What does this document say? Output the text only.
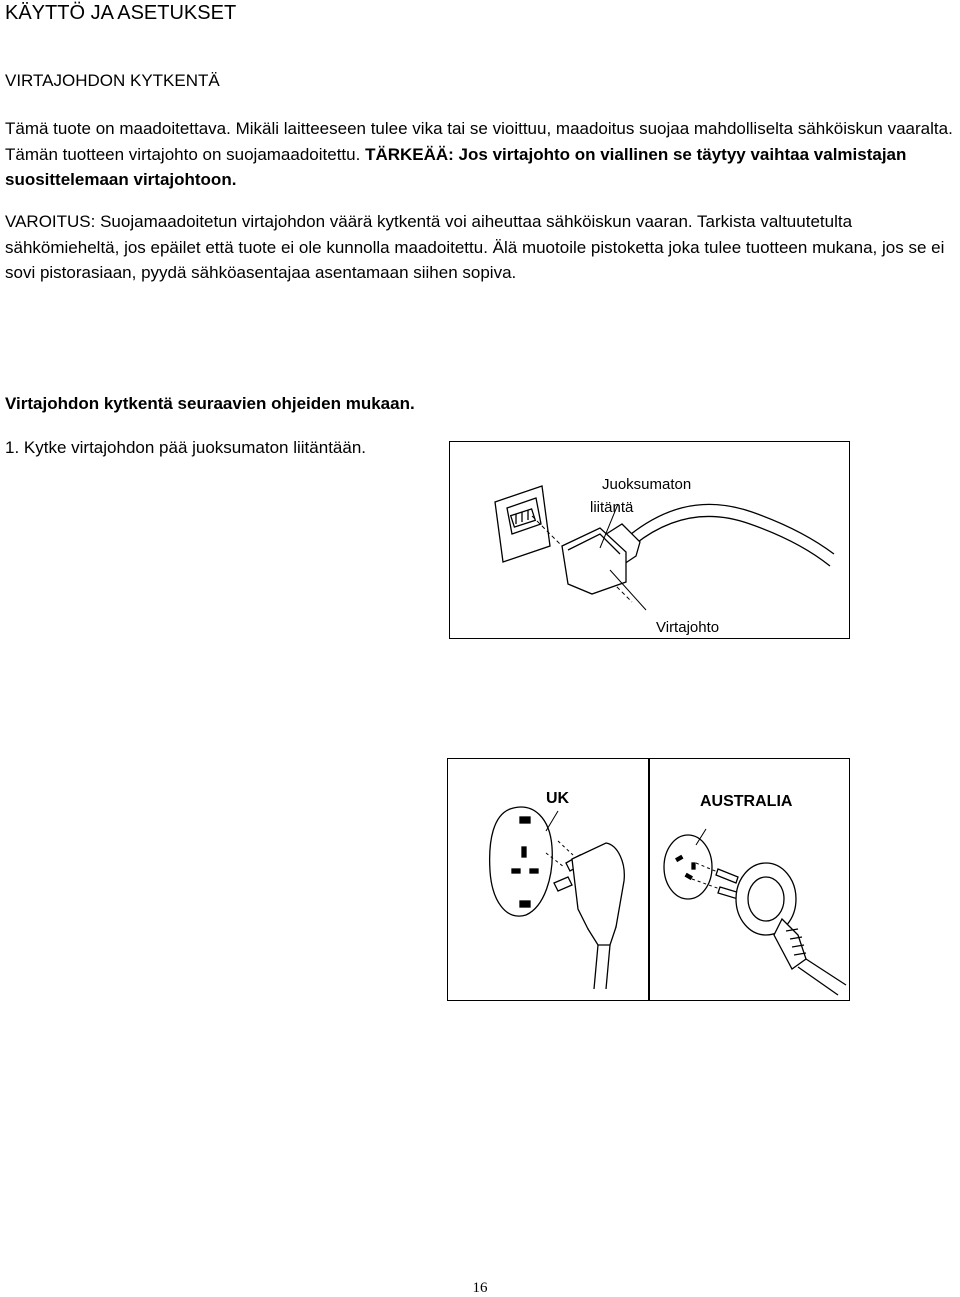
KÄYTTÖ JA ASETUKSET
VIRTAJOHDON KYTKENTÄ

Tämä tuote on maadoitettava. Mikäli laitteeseen tulee vika tai se vioittuu, maadoitus suojaa mahdolliselta sähköiskun vaaralta. Tämän tuotteen virtajohto on suojamaadoitettu. TÄRKEÄÄ: Jos virtajohto on viallinen se täytyy vaihtaa valmistajan suosittelemaan virtajohtoon.

VAROITUS: Suojamaadoitetun virtajohdon väärä kytkentä voi aiheuttaa sähköiskun vaaran. Tarkista valtuutetulta sähkömieheltä, jos epäilet että tuote ei ole kunnolla maadoitettu. Älä muotoile pistoketta joka tulee tuotteen mukana, jos se ei sovi pistorasiaan, pyydä sähköasentajaa asentamaan siihen sopiva.

Virtajohdon kytkentä seuraavien ohjeiden mukaan.
1. Kytke virtajohdon pää juoksumaton liitäntään.
Juoksumaton
liitäntä
Virtajohto
UK	AUSTRALIA
16
